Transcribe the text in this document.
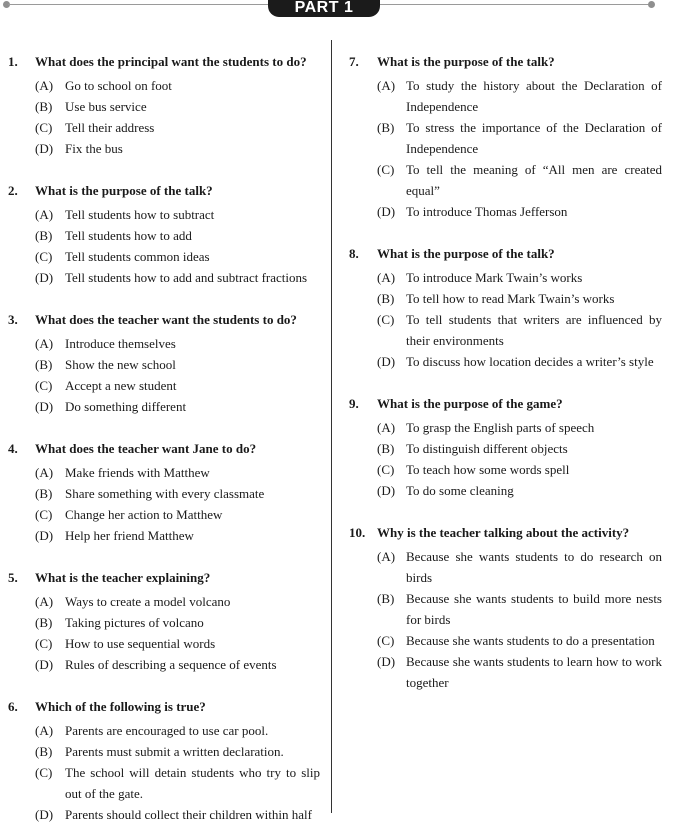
PART 1
1. What does the principal want the students to do?
(A) Go to school on foot
(B) Use bus service
(C) Tell their address
(D) Fix the bus
2. What is the purpose of the talk?
(A) Tell students how to subtract
(B) Tell students how to add
(C) Tell students common ideas
(D) Tell students how to add and subtract fractions
3. What does the teacher want the students to do?
(A) Introduce themselves
(B) Show the new school
(C) Accept a new student
(D) Do something different
4. What does the teacher want Jane to do?
(A) Make friends with Matthew
(B) Share something with every classmate
(C) Change her action to Matthew
(D) Help her friend Matthew
5. What is the teacher explaining?
(A) Ways to create a model volcano
(B) Taking pictures of volcano
(C) How to use sequential words
(D) Rules of describing a sequence of events
6. Which of the following is true?
(A) Parents are encouraged to use car pool.
(B) Parents must submit a written declaration.
(C) The school will detain students who try to slip out of the gate.
(D) Parents should collect their children within half
7. What is the purpose of the talk?
(A) To study the history about the Declaration of Independence
(B) To stress the importance of the Declaration of Independence
(C) To tell the meaning of “All men are created equal”
(D) To introduce Thomas Jefferson
8. What is the purpose of the talk?
(A) To introduce Mark Twain’s works
(B) To tell how to read Mark Twain’s works
(C) To tell students that writers are influenced by their environments
(D) To discuss how location decides a writer’s style
9. What is the purpose of the game?
(A) To grasp the English parts of speech
(B) To distinguish different objects
(C) To teach how some words spell
(D) To do some cleaning
10. Why is the teacher talking about the activity?
(A) Because she wants students to do research on birds
(B) Because she wants students to build more nests for birds
(C) Because she wants students to do a presentation
(D) Because she wants students to learn how to work together
